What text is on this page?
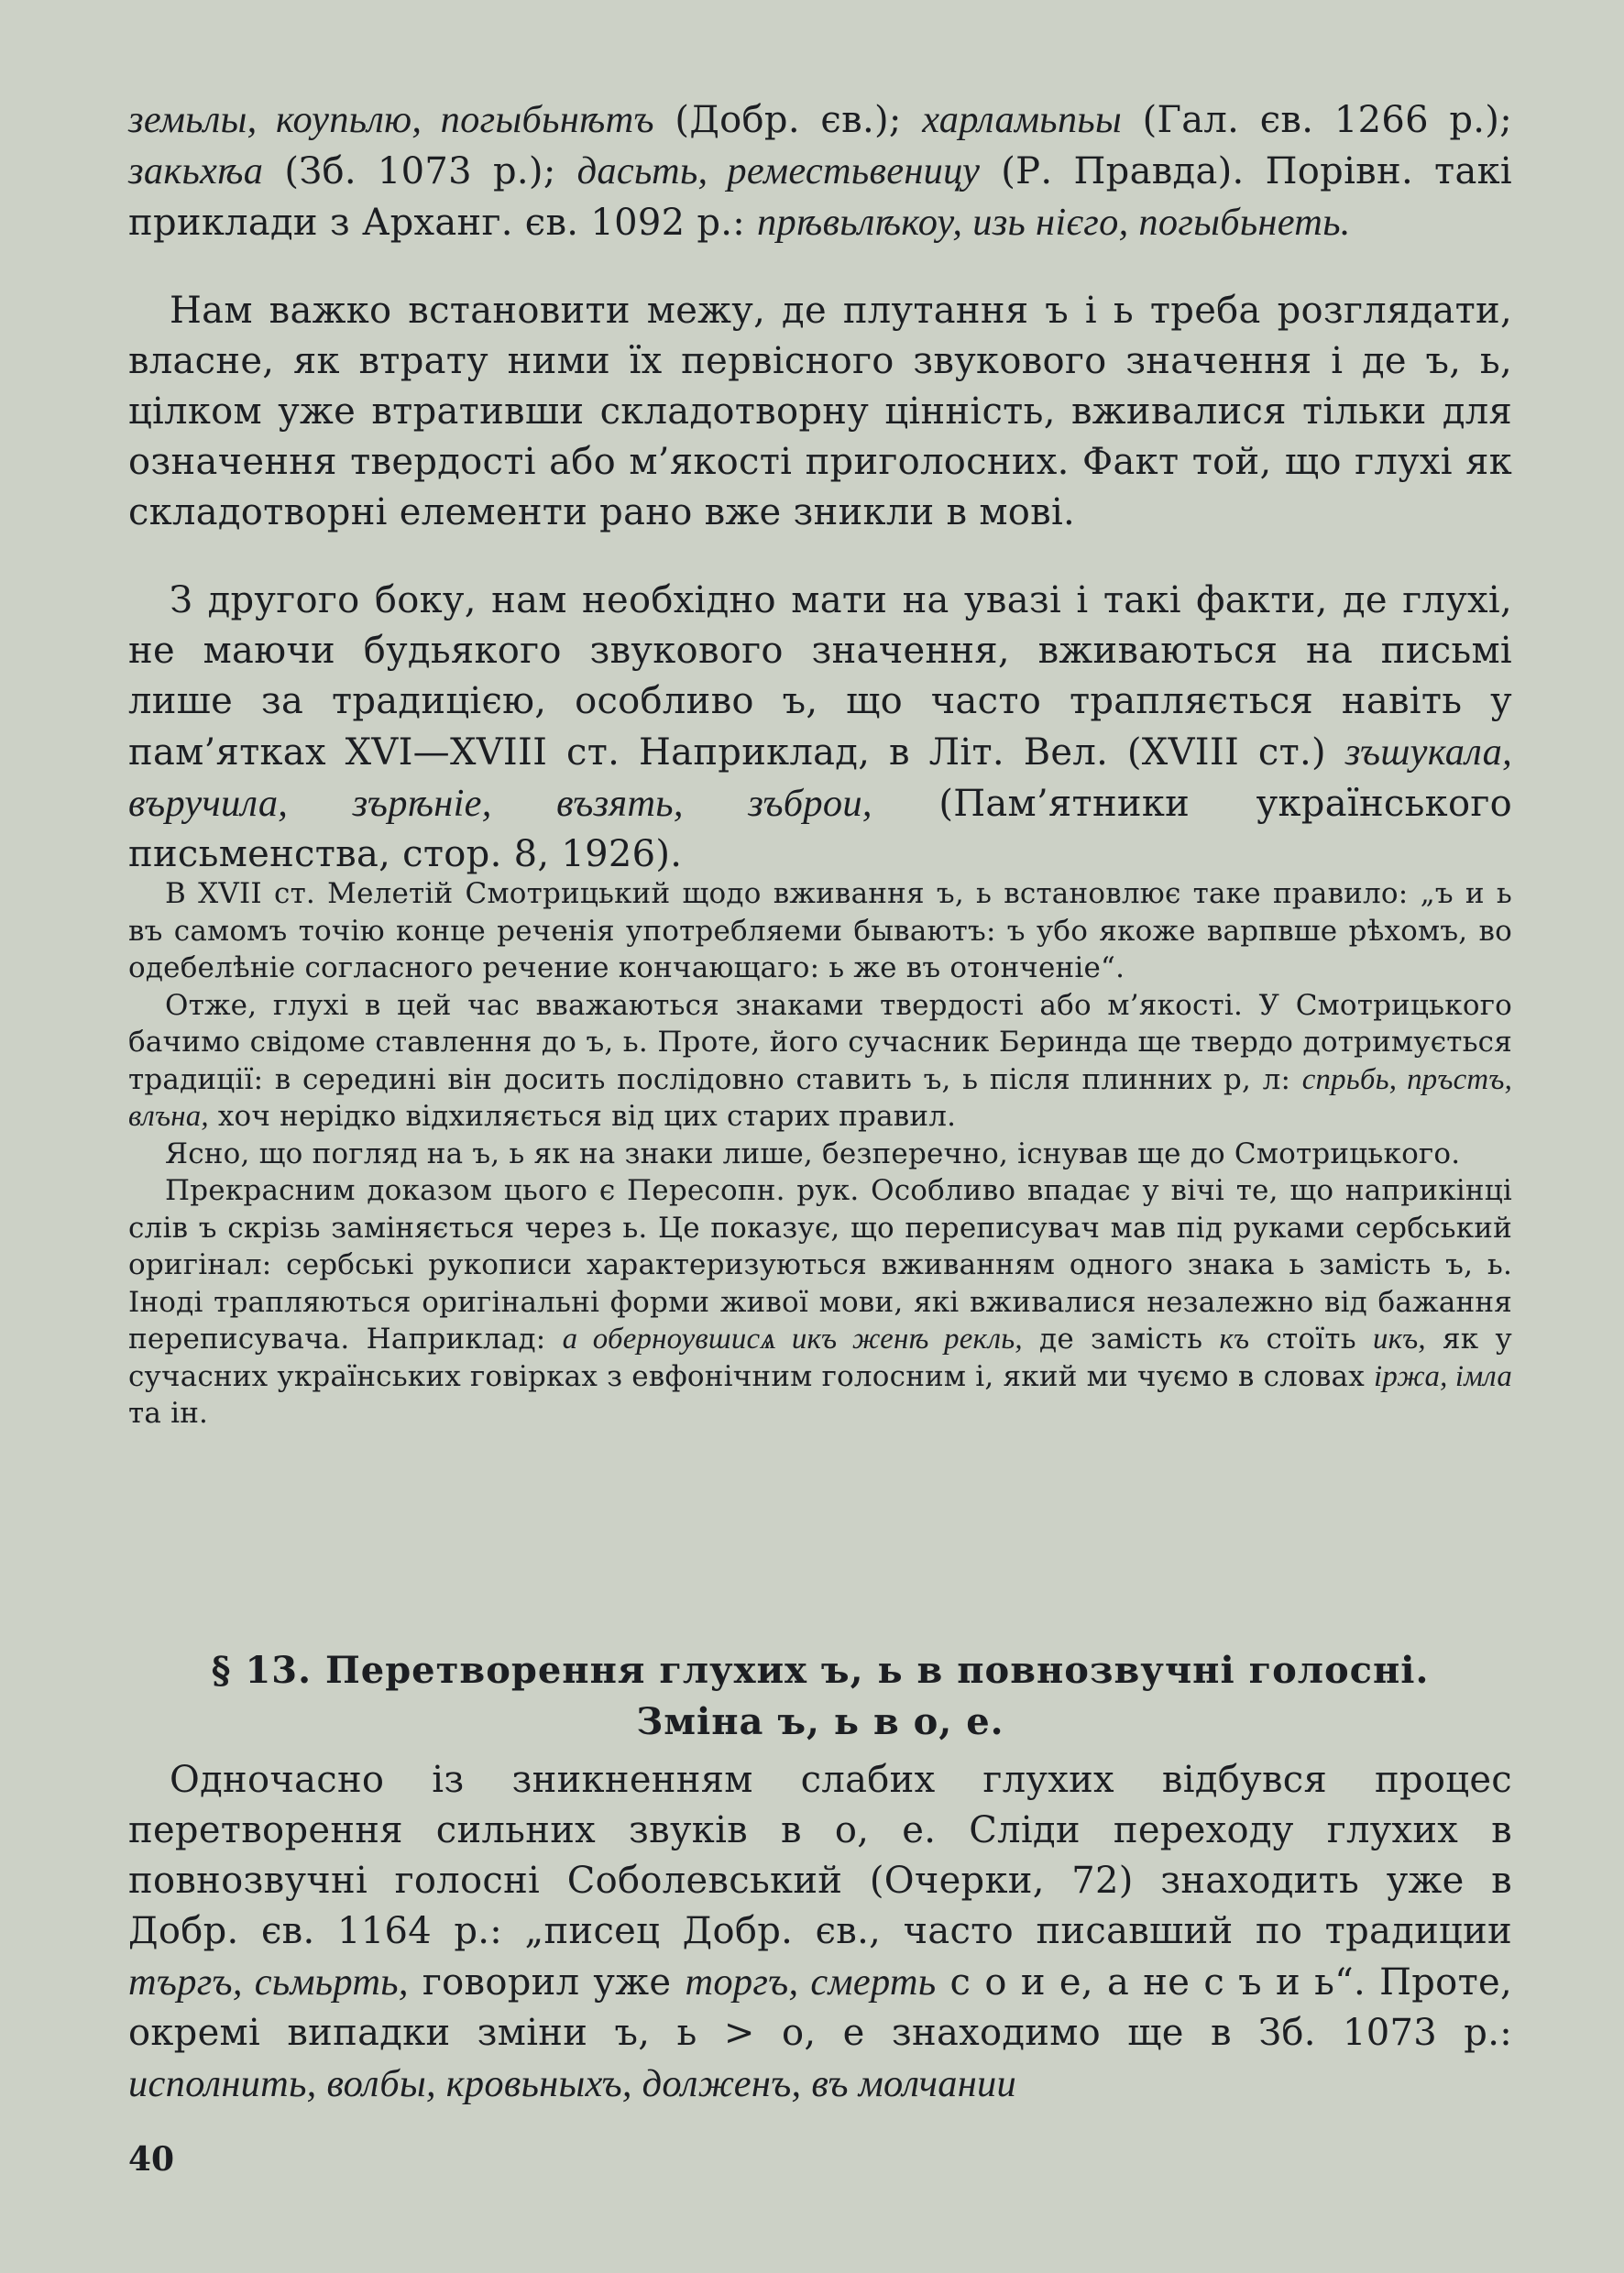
земьлы, коупьлю, погыбьнѣтъ (Добр. єв.); харламьпьы (Гал. єв. 1266 р.); закьхѣа (Зб. 1073 р.); дасьть, реместьвеницу (Р. Правда). Порівн. такі приклади з Арханг. єв. 1092 р.: прѣвьлѣкоу, изь нієго, погыбьнеть.

Нам важко встановити межу, де плутання ъ і ь треба розглядати, власне, як втрату ними їх первісного звукового значення і де ъ, ь, цілком уже втративши складотворну цінність, вживалися тільки для означення твердості або м’якості приголосних. Факт той, що глухі як складотворні елементи рано вже зникли в мові.

З другого боку, нам необхідно мати на увазі і такі факти, де глухі, не маючи будьякого звукового значення, вживаються на письмі лише за традицією, особливо ъ, що часто трапляється навіть у пам’ятках XVI—XVIII ст. Наприклад, в Літ. Вел. (XVIII ст.) зъшукала, въручила, зърѣніе, възять, зъброи, (Пам’ятники українського письменства, стор. 8, 1926).

В XVII ст. Мелетій Смотрицький щодо вживання ъ, ь встановлює таке правило: „ъ и ь въ самомъ точію конце реченія употребляеми бываютъ: ъ убо якоже варпвше рѣхомъ, во одебелѣніе согласного речение кончающаго: ь же въ отонченіе“.

Отже, глухі в цей час вважаються знаками твердості або м’якості. У Смотрицького бачимо свідоме ставлення до ъ, ь. Проте, його сучасник Беринда ще твердо дотримується традиції: в середині він досить послідовно ставить ъ, ь після плинних р, л: спрьбь, пръстъ, влъна, хоч нерідко відхиляється від цих старих правил.

Ясно, що погляд на ъ, ь як на знаки лише, безперечно, існував ще до Смотрицького.

Прекрасним доказом цього є Пересопн. рук. Особливо впадає у вічі те, що наприкінці слів ъ скрізь заміняється через ь. Це показує, що переписувач мав під руками сербський оригінал: сербські рукописи характеризуються вживанням одного знака ь замість ъ, ь. Іноді трапляються оригінальні форми живої мови, які вживалися незалежно від бажання переписувача. Наприклад: а оберноувшисѧ икъ женѣ рекль, де замість къ стоїть икъ, як у сучасних українських говірках з евфонічним голосним і, який ми чуємо в словах іржа, імла та ін.

§ 13. Перетворення глухих ъ, ь в повнозвучні голосні.
Зміна ъ, ь в о, е.

Одночасно із зникненням слабих глухих відбувся процес перетворення сильних звуків в о, е. Сліди переходу глухих в повнозвучні голосні Соболевський (Очерки, 72) знаходить уже в Добр. єв. 1164 р.: „писец Добр. єв., часто писавший по традиции търгъ, сьмьрть, говорил уже торгъ, смерть с о и е, а не с ъ и ь“. Проте, окремі випадки зміни ъ, ь > о, е знаходимо ще в Зб. 1073 р.: исполнить, волбы, кровьныхъ, долженъ, въ молчании

40
